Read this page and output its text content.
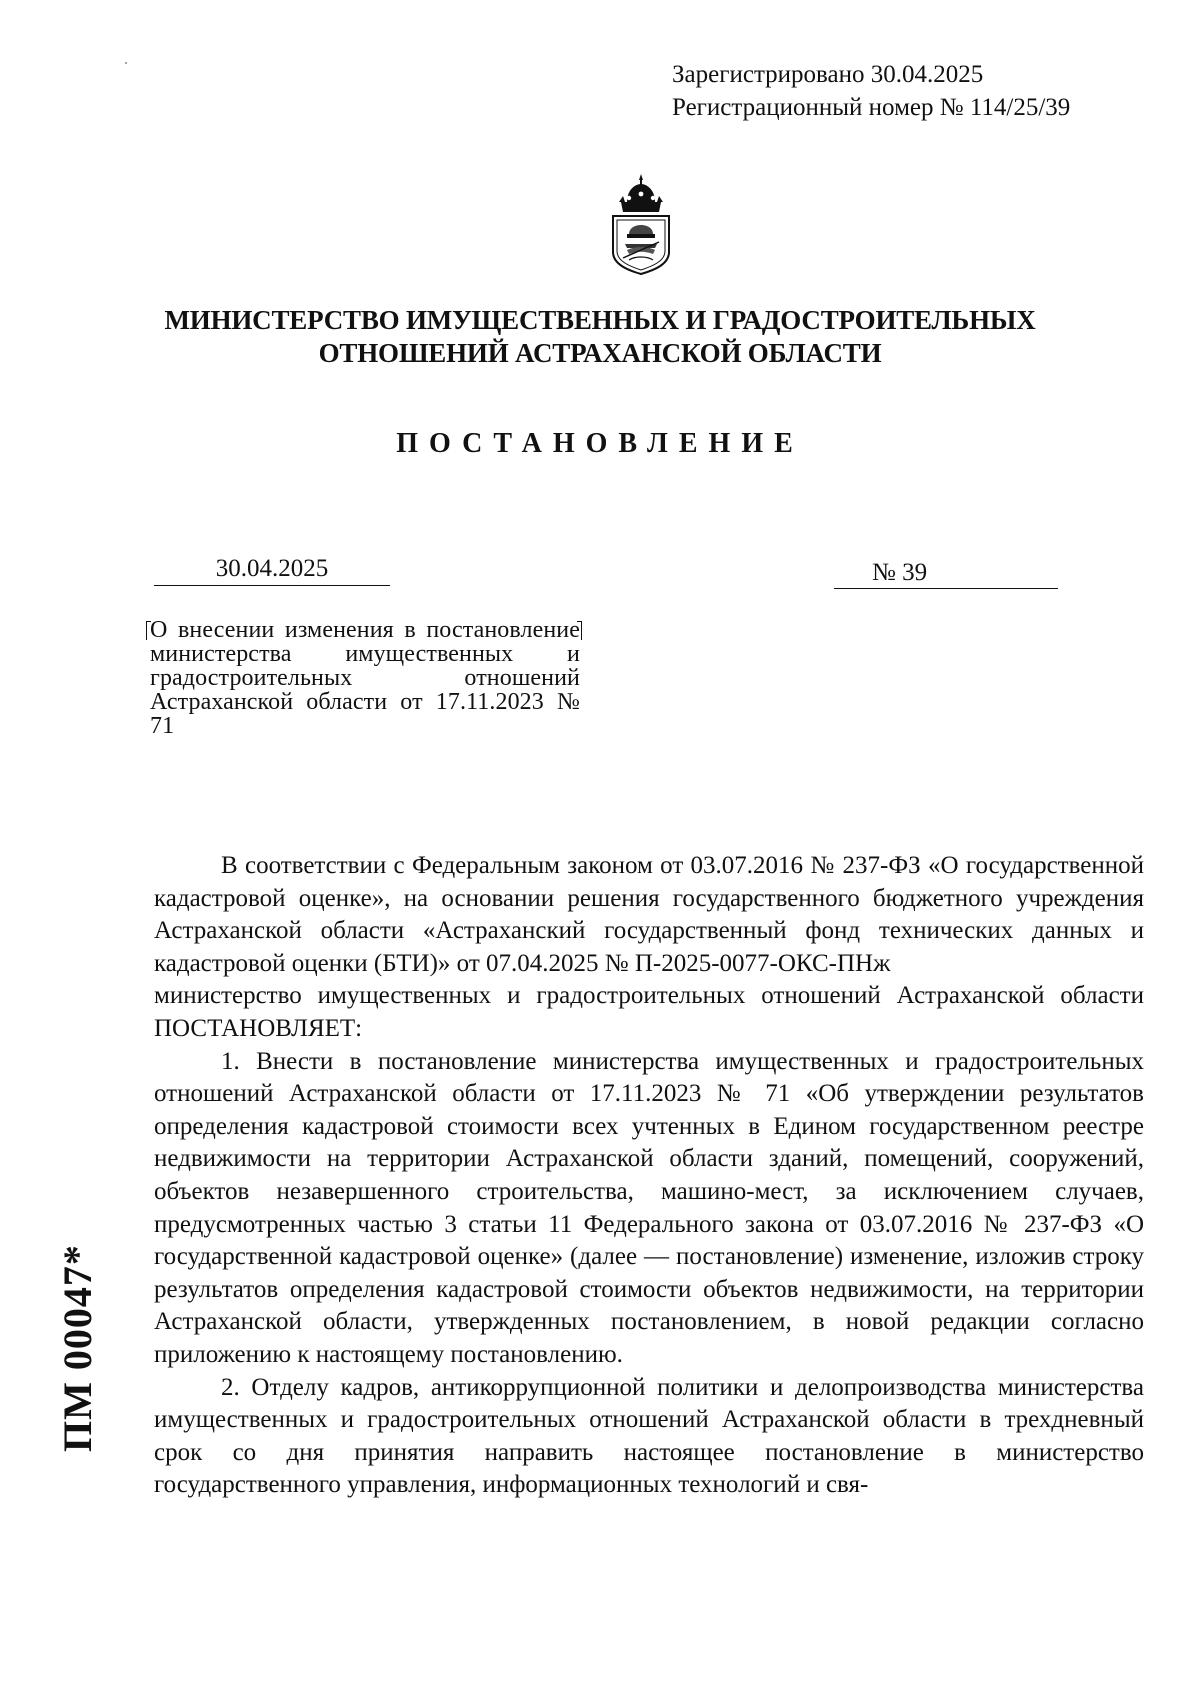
Зарегистрировано 30.04.2025
Регистрационный номер № 114/25/39
МИНИСТЕРСТВО ИМУЩЕСТВЕННЫХ И ГРАДОСТРОИТЕЛЬНЫХ
ОТНОШЕНИЙ АСТРАХАНСКОЙ ОБЛАСТИ
ПОСТАНОВЛЕНИЕ
30.04.2025	№ 39
О внесении изменения в постановление министерства имущественных и градостроительных отношений Астраханской области от 17.11.2023 № 71

В соответствии с Федеральным законом от 03.07.2016 № 237-ФЗ «О государственной кадастровой оценке», на основании решения государственного бюджетного учреждения Астраханской области «Астраханский государственный фонд технических данных и кадастровой оценки (БТИ)» от 07.04.2025 № П-2025-0077-ОКС-ПНж

министерство имущественных и градостроительных отношений Астраханской области ПОСТАНОВЛЯЕТ:

1. Внести в постановление министерства имущественных и градостроительных отношений Астраханской области от 17.11.2023 № 71 «Об утверждении результатов определения кадастровой стоимости всех учтенных в Едином государственном реестре недвижимости на территории Астраханской области зданий, помещений, сооружений, объектов незавершенного строительства, машино-мест, за исключением случаев, предусмотренных частью 3 статьи 11 Федерального закона от 03.07.2016 № 237-ФЗ «О государственной кадастровой оценке» (далее — постановление) изменение, изложив строку результатов определения кадастровой стоимости объектов недвижимости, на территории Астраханской области, утвержденных постановлением, в новой редакции согласно приложению к настоящему постановлению.

2. Отделу кадров, антикоррупционной политики и делопроизводства министерства имущественных и градостроительных отношений Астраханской области в трехдневный срок со дня принятия направить настоящее постановление в министерство государственного управления, информационных технологий и свя-

ПМ 00047*
